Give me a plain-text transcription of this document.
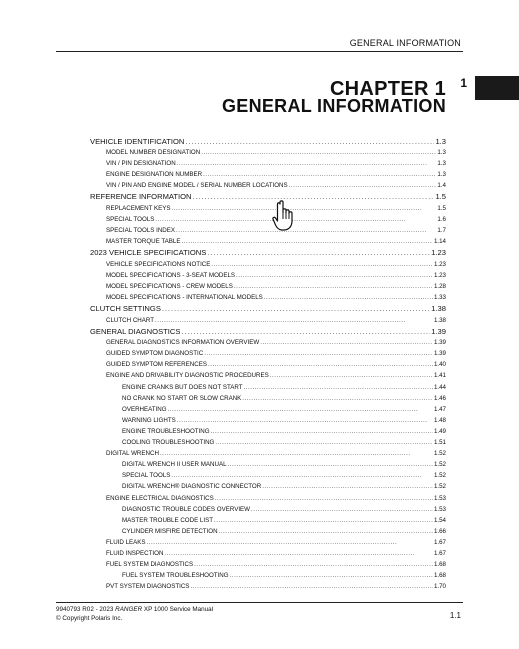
GENERAL INFORMATION
1
CHAPTER 1
GENERAL INFORMATION
VEHICLE IDENTIFICATION . . .	1.3
MODEL NUMBER DESIGNATION . . .	1.3
VIN / PIN DESIGNATION . . .	1.3
ENGINE DESIGNATION NUMBER . . .	1.3
VIN / PIN AND ENGINE MODEL / SERIAL NUMBER LOCATIONS . . .	1.4
REFERENCE INFORMATION . . .	1.5
REPLACEMENT KEYS . . .	1.5
SPECIAL TOOLS . . .	1.6
SPECIAL TOOLS INDEX . . .	1.7
MASTER TORQUE TABLE . . .	1.14
2023 VEHICLE SPECIFICATIONS . . .	1.23
VEHICLE SPECIFICATIONS NOTICE . . .	1.23
MODEL SPECIFICATIONS - 3-SEAT MODELS . . .	1.23
MODEL SPECIFICATIONS - CREW MODELS . . .	1.28
MODEL SPECIFICATIONS - INTERNATIONAL MODELS . . .	1.33
CLUTCH SETTINGS . . .	1.38
CLUTCH CHART . . .	1.38
GENERAL DIAGNOSTICS . . .	1.39
GENERAL DIAGNOSTICS INFORMATION OVERVIEW . . .	1.39
GUIDED SYMPTOM DIAGNOSTIC . . .	1.39
GUIDED SYMPTOM REFERENCES . . .	1.40
ENGINE AND DRIVABILITY DIAGNOSTIC PROCEDURES . . .	1.41
ENGINE CRANKS BUT DOES NOT START . . .	1.44
NO CRANK NO START OR SLOW CRANK . . .	1.46
OVERHEATING . . .	1.47
WARNING LIGHTS . . .	1.48
ENGINE TROUBLESHOOTING . . .	1.49
COOLING TROUBLESHOOTING . . .	1.51
DIGITAL WRENCH . . .	1.52
DIGITAL WRENCH II USER MANUAL . . .	1.52
SPECIAL TOOLS . . .	1.52
DIGITAL WRENCH® DIAGNOSTIC CONNECTOR . . .	1.52
ENGINE ELECTRICAL DIAGNOSTICS . . .	1.53
DIAGNOSTIC TROUBLE CODES OVERVIEW . . .	1.53
MASTER TROUBLE CODE LIST . . .	1.54
CYLINDER MISFIRE DETECTION . . .	1.66
FLUID LEAKS . . .	1.67
FLUID INSPECTION . . .	1.67
FUEL SYSTEM DIAGNOSTICS . . .	1.68
FUEL SYSTEM TROUBLESHOOTING . . .	1.68
PVT SYSTEM DIAGNOSTICS . . .	1.70
9940793 R02 - 2023 RANGER XP 1000 Service Manual
© Copyright Polaris Inc.	1.1
